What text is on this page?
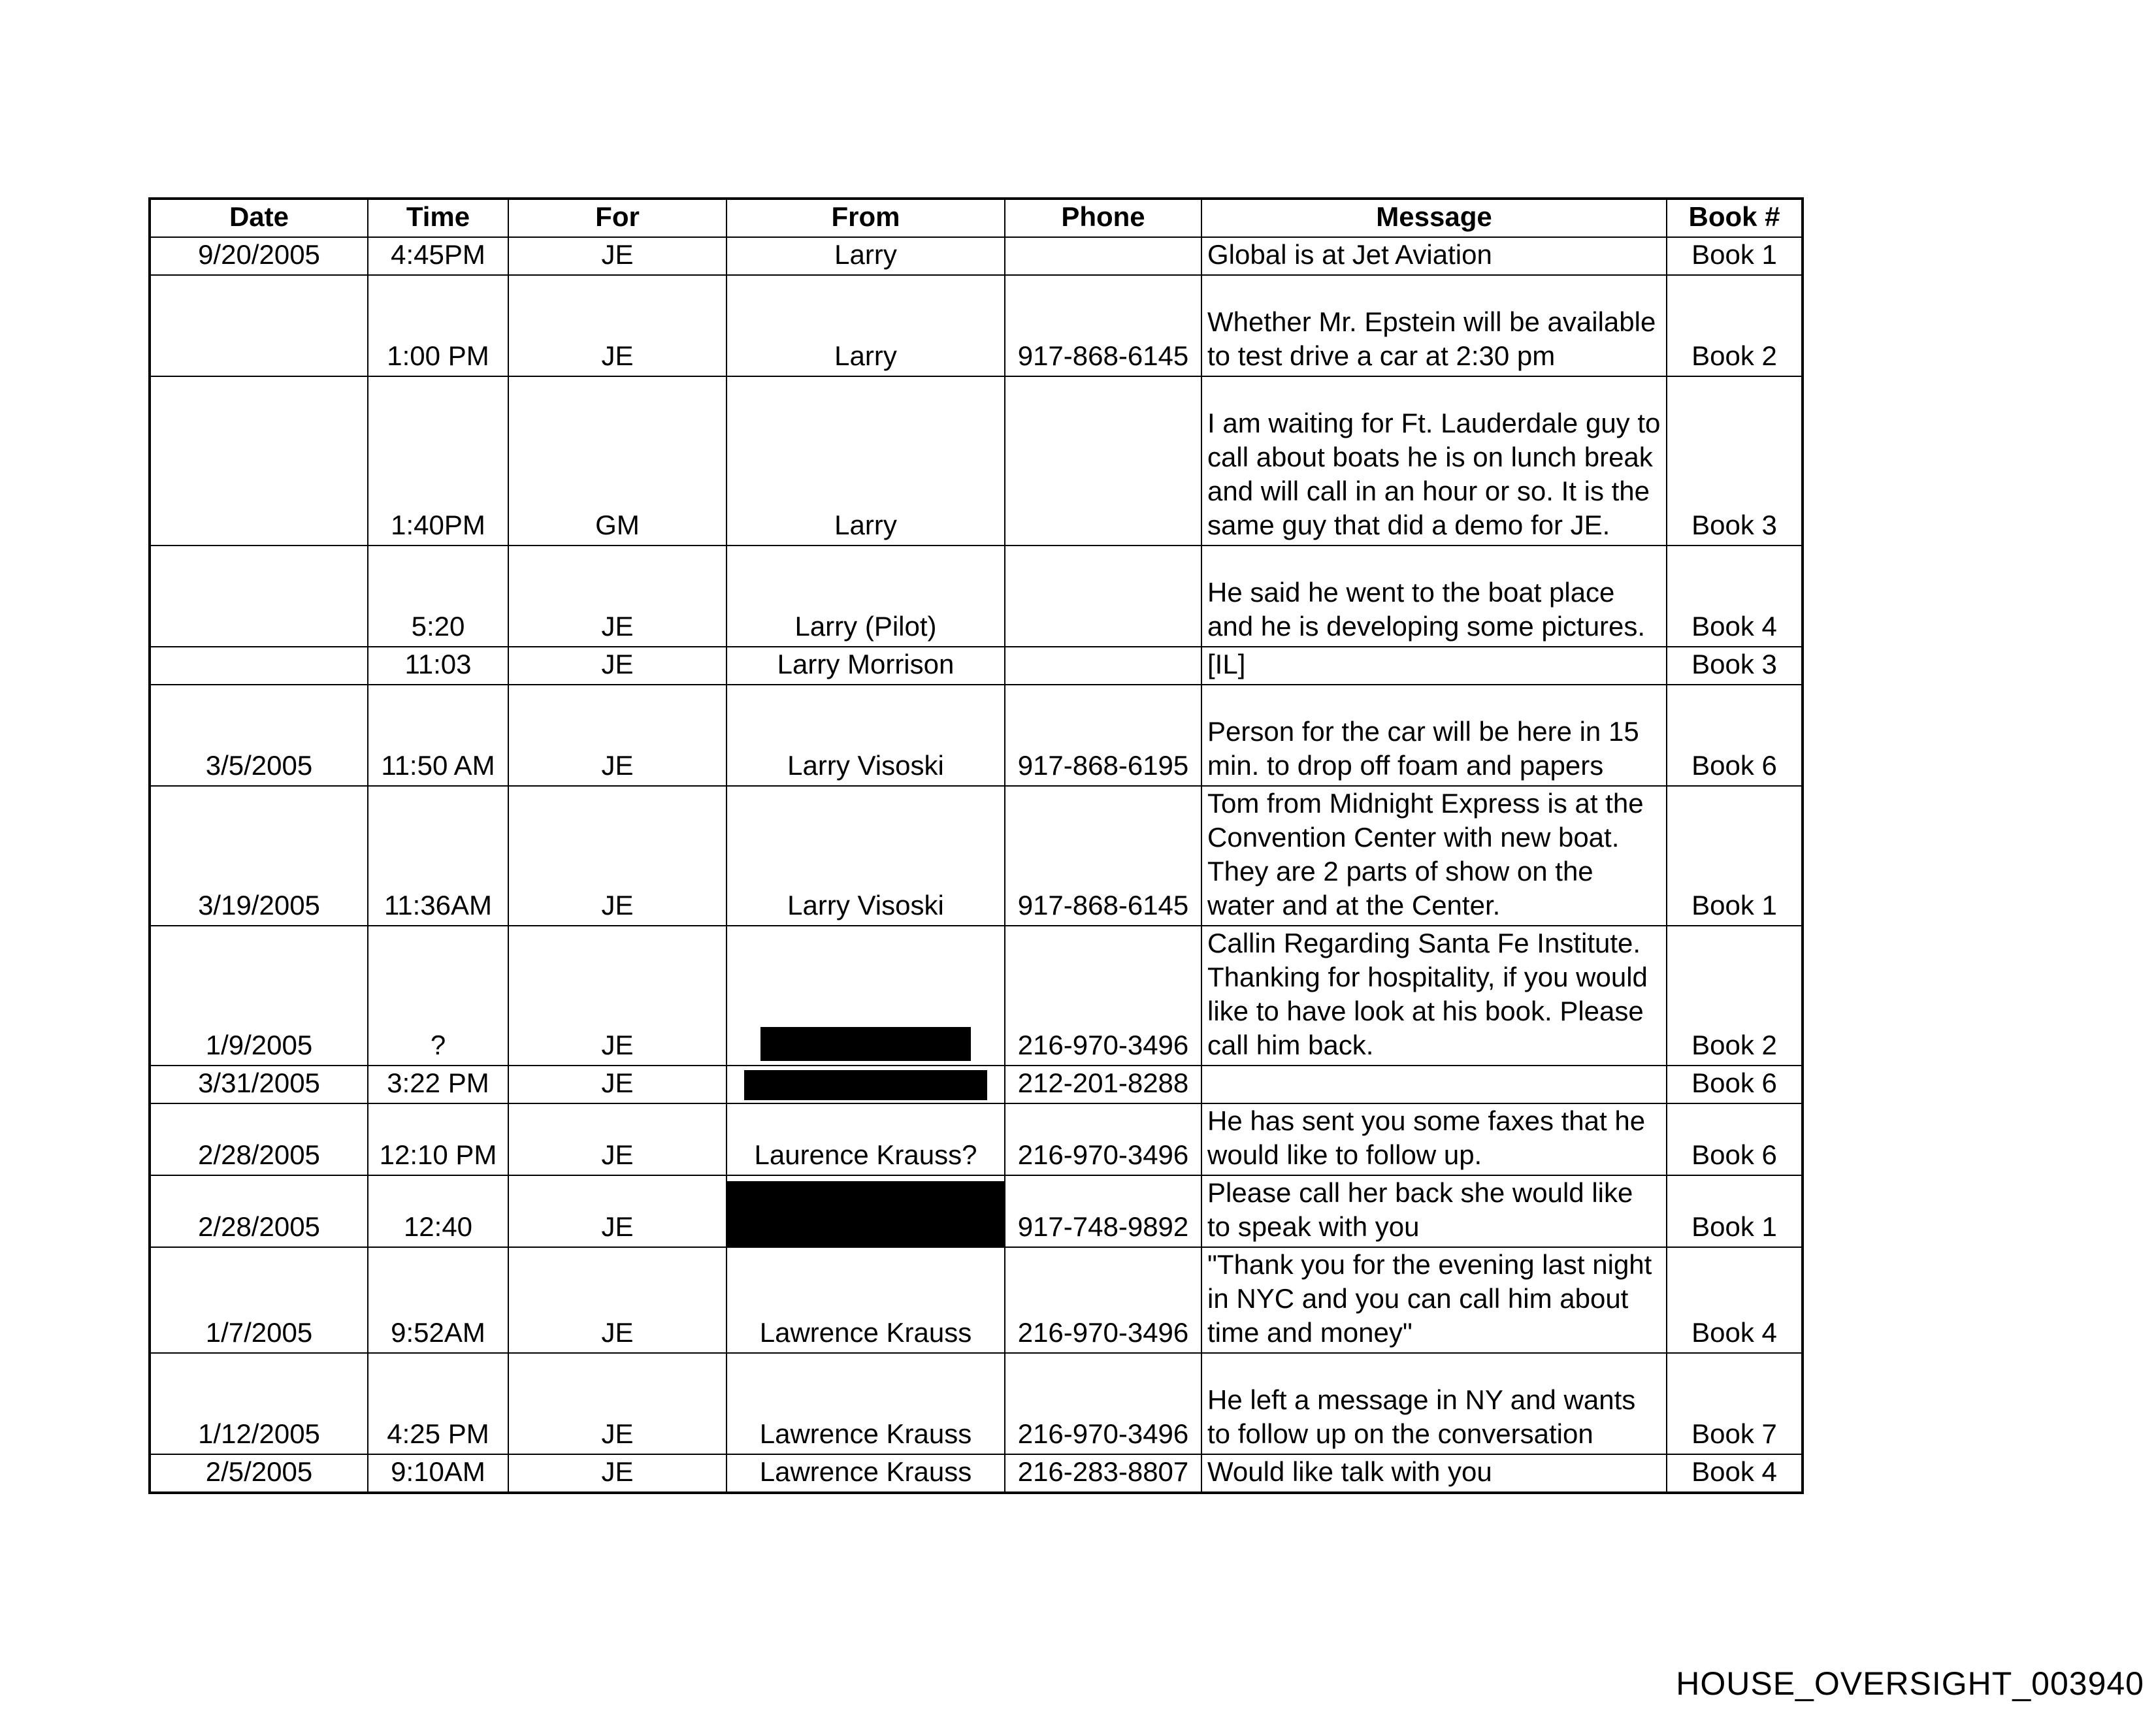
Date	Time	For	From	Phone	Message	Book #
9/20/2005	4:45PM	JE	Larry		Global is at Jet Aviation	Book 1
	1:00 PM	JE	Larry	917-868-6145	Whether Mr. Epstein will be available to test drive a car at 2:30 pm	Book 2
	1:40PM	GM	Larry		I am waiting for Ft. Lauderdale guy to call about boats he is on lunch break and will call in an hour or so. It is the same guy that did a demo for JE.	Book 3
	5:20	JE	Larry (Pilot)		He said he went to the boat place and he is developing some pictures.	Book 4
	11:03	JE	Larry Morrison		[IL]	Book 3
3/5/2005	11:50 AM	JE	Larry Visoski	917-868-6195	Person for the car will be here in 15 min. to drop off foam and papers	Book 6
3/19/2005	11:36AM	JE	Larry Visoski	917-868-6145	Tom from Midnight Express is at the Convention Center with new boat. They are 2 parts of show on the water and at the Center.	Book 1
1/9/2005	?	JE		216-970-3496	Callin Regarding Santa Fe Institute. Thanking for hospitality, if you would like to have look at his book. Please call him back.	Book 2
3/31/2005	3:22 PM	JE		212-201-8288		Book 6
2/28/2005	12:10 PM	JE	Laurence Krauss?	216-970-3496	He has sent you some faxes that he would like to follow up.	Book 6
2/28/2005	12:40	JE		917-748-9892	Please call her back she would like to speak with you	Book 1
1/7/2005	9:52AM	JE	Lawrence Krauss	216-970-3496	"Thank you for the evening last night in NYC and you can call him about time and money"	Book 4
1/12/2005	4:25 PM	JE	Lawrence Krauss	216-970-3496	He left a message in NY and wants to follow up on the conversation	Book 7
2/5/2005	9:10AM	JE	Lawrence Krauss	216-283-8807	Would like talk with you	Book 4
HOUSE_OVERSIGHT_003940
